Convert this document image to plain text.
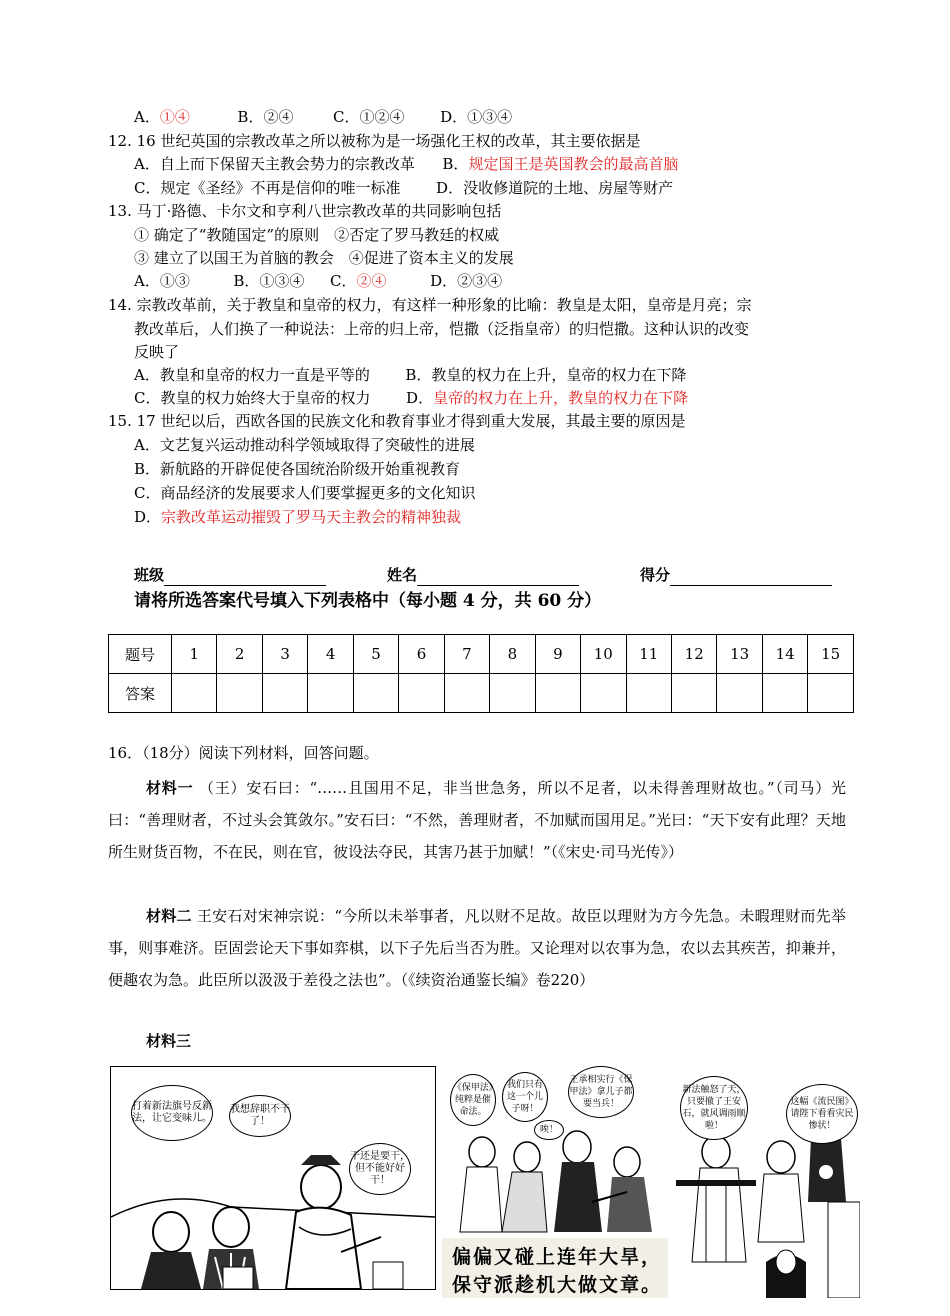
A．①④	B．②④	C．①②④ D．①③④
12. 16 世纪英国的宗教改革之所以被称为是一场强化王权的改革，其主要依据是
A．自上而下保留天主教会势力的宗教改革 B．规定国王是英国教会的最高首脑
C．规定《圣经》不再是信仰的唯一标准 D．没收修道院的土地、房屋等财产
13. 马丁·路德、卡尔文和亨利八世宗教改革的共同影响包括
① 确定了“教随国定”的原则　②否定了罗马教廷的权威
③ 建立了以国王为首脑的教会　④促进了资本主义的发展
A．①③	B．①③④ C．②④	D．②③④
14. 宗教改革前，关于教皇和皇帝的权力，有这样一种形象的比喻：教皇是太阳，皇帝是月亮；宗
教改革后，人们换了一种说法：上帝的归上帝，恺撒（泛指皇帝）的归恺撒。这种认识的改变
反映了
A．教皇和皇帝的权力一直是平等的 B．教皇的权力在上升，皇帝的权力在下降
C．教皇的权力始终大于皇帝的权力 D．皇帝的权力在上升，教皇的权力在下降
15. 17 世纪以后，西欧各国的民族文化和教育事业才得到重大发展，其最主要的原因是
A．文艺复兴运动推动科学领域取得了突破性的进展
B．新航路的开辟促使各国统治阶级开始重视教育
C．商品经济的发展要求人们要掌握更多的文化知识
D．宗教改革运动摧毁了罗马天主教会的精神独裁
班级	姓名	得分
请将所选答案代号填入下列表格中（每小题 4 分，共 60 分）
题号	1	2	3	4	5	6	7	8	9	10	11	12	13	14	15
答案															
16．（18分）阅读下列材料，回答问题。
材料一 （王）安石曰：“……且国用不足，非当世急务，所以不足者，以未得善理财故也。”（司马）光曰：“善理财者，不过头会箕敛尔。”安石曰：“不然，善理财者，不加赋而国用足。”光曰：“天下安有此理？天地所生财货百物，不在民，则在官，彼设法夺民，其害乃甚于加赋！”（《宋史·司马光传》）
材料二 王安石对宋神宗说：“今所以未举事者，凡以财不足故。故臣以理财为方今先急。未暇理财而先举事，则事难济。臣固尝论天下事如弈棋，以下子先后当否为胜。又论理对以农事为急，农以去其疾苦，抑兼并，便趣农为急。此臣所以汲汲于差役之法也”。（《续资治通鉴长编》卷220）
材料三
打着新法旗号反新法，让它变味儿。
我想辞职不干了！
干还是要干，但不能好好干！
《保甲法》纯粹是催命法。
我们只有这一个儿子呀！
王承相实行《保甲法》拿儿子都要当兵！
唉！
偏偏又碰上连年大旱，
保守派趁机大做文章。
新法触怒了天，只要撤了王安石，就风调雨顺啦！
这幅《流民图》请陛下看看灾民惨状！
